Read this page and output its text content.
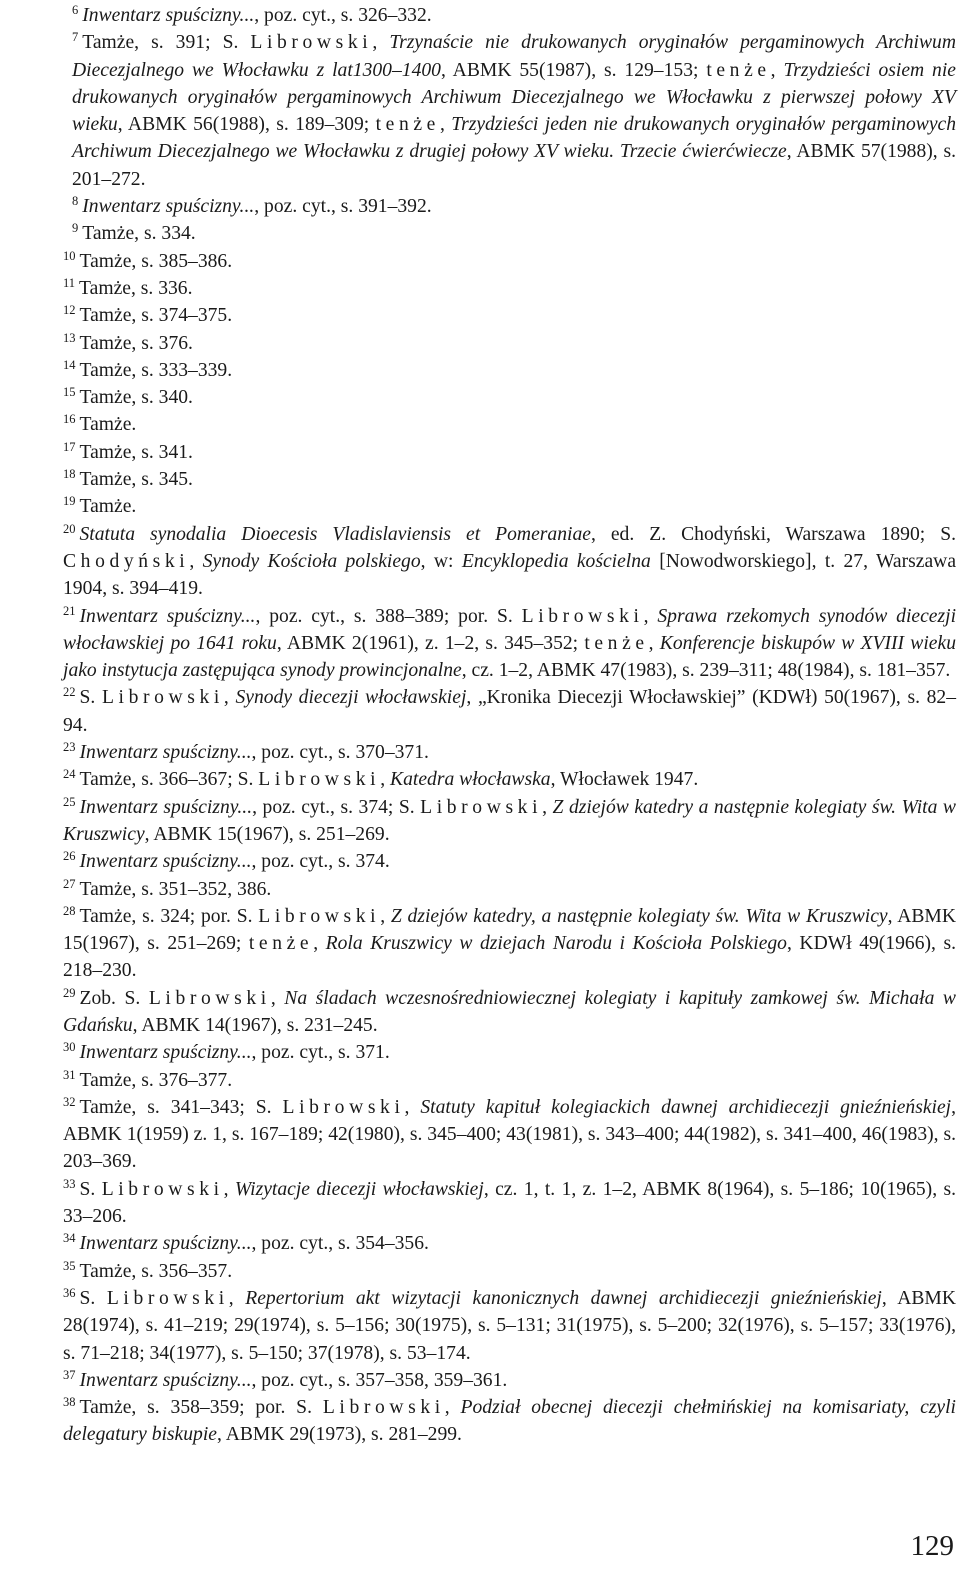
$^6$ Inwentarz spuścizny..., poz. cyt., s. 326–332.

$^7$ Tamże, s. 391; S. Librowski, Trzynaście nie drukowanych oryginałów pergaminowych Archiwum Diecezjalnego we Włocławku z lat1300–1400, ABMK 55(1987), s. 129–153; tenże, Trzydzieści osiem nie drukowanych oryginałów pergaminowych Archiwum Diecezjalnego we Włocławku z pierwszej połowy XV wieku, ABMK 56(1988), s. 189–309; tenże, Trzydzieści jeden nie drukowanych oryginałów pergaminowych Archiwum Diecezjalnego we Włocławku z drugiej połowy XV wieku. Trzecie ćwierćwiecze, ABMK 57(1988), s. 201–272.

$^8$ Inwentarz spuścizny..., poz. cyt., s. 391–392.

$^9$ Tamże, s. 334.

$^{10}$ Tamże, s. 385–386.

$^{11}$ Tamże, s. 336.

$^{12}$ Tamże, s. 374–375.

$^{13}$ Tamże, s. 376.

$^{14}$ Tamże, s. 333–339.

$^{15}$ Tamże, s. 340.

$^{16}$ Tamże.

$^{17}$ Tamże, s. 341.

$^{18}$ Tamże, s. 345.

$^{19}$ Tamże.

$^{20}$ Statuta synodalia Dioecesis Vladislaviensis et Pomeraniae, ed. Z. Chodyński, Warszawa 1890; S. Chodyński, Synody Kościoła polskiego, w: Encyklopedia kościelna [Nowodworskiego], t. 27, Warszawa 1904, s. 394–419.

$^{21}$ Inwentarz spuścizny..., poz. cyt., s. 388–389; por. S. Librowski, Sprawa rzekomych synodów diecezji włocławskiej po 1641 roku, ABMK 2(1961), z. 1–2, s. 345–352; tenże, Konferencje biskupów w XVIII wieku jako instytucja zastępująca synody prowincjonalne, cz. 1–2, ABMK 47(1983), s. 239–311; 48(1984), s. 181–357.

$^{22}$ S. Librowski, Synody diecezji włocławskiej, „Kronika Diecezji Włocławskiej” (KDWł) 50(1967), s. 82–94.

$^{23}$ Inwentarz spuścizny..., poz. cyt., s. 370–371.

$^{24}$ Tamże, s. 366–367; S. Librowski, Katedra włocławska, Włocławek 1947.

$^{25}$ Inwentarz spuścizny..., poz. cyt., s. 374; S. Librowski, Z dziejów katedry a następnie kolegiaty św. Wita w Kruszwicy, ABMK 15(1967), s. 251–269.

$^{26}$ Inwentarz spuścizny..., poz. cyt., s. 374.

$^{27}$ Tamże, s. 351–352, 386.

$^{28}$ Tamże, s. 324; por. S. Librowski, Z dziejów katedry, a następnie kolegiaty św. Wita w Kruszwicy, ABMK 15(1967), s. 251–269; tenże, Rola Kruszwicy w dziejach Narodu i Kościoła Polskiego, KDWł 49(1966), s. 218–230.

$^{29}$ Zob. S. Librowski, Na śladach wczesnośredniowiecznej kolegiaty i kapituły zamkowej św. Michała w Gdańsku, ABMK 14(1967), s. 231–245.

$^{30}$ Inwentarz spuścizny..., poz. cyt., s. 371.

$^{31}$ Tamże, s. 376–377.

$^{32}$ Tamże, s. 341–343; S. Librowski, Statuty kapituł kolegiackich dawnej archidiecezji gnieźnieńskiej, ABMK 1(1959) z. 1, s. 167–189; 42(1980), s. 345–400; 43(1981), s. 343–400; 44(1982), s. 341–400, 46(1983), s. 203–369.

$^{33}$ S. Librowski, Wizytacje diecezji włocławskiej, cz. 1, t. 1, z. 1–2, ABMK 8(1964), s. 5–186; 10(1965), s. 33–206.

$^{34}$ Inwentarz spuścizny..., poz. cyt., s. 354–356.

$^{35}$ Tamże, s. 356–357.

$^{36}$ S. Librowski, Repertorium akt wizytacji kanonicznych dawnej archidiecezji gnieźnieńskiej, ABMK 28(1974), s. 41–219; 29(1974), s. 5–156; 30(1975), s. 5–131; 31(1975), s. 5–200; 32(1976), s. 5–157; 33(1976), s. 71–218; 34(1977), s. 5–150; 37(1978), s. 53–174.

$^{37}$ Inwentarz spuścizny..., poz. cyt., s. 357–358, 359–361.

$^{38}$ Tamże, s. 358–359; por. S. Librowski, Podział obecnej diecezji chełmińskiej na komisariaty, czyli delegatury biskupie, ABMK 29(1973), s. 281–299.

129
